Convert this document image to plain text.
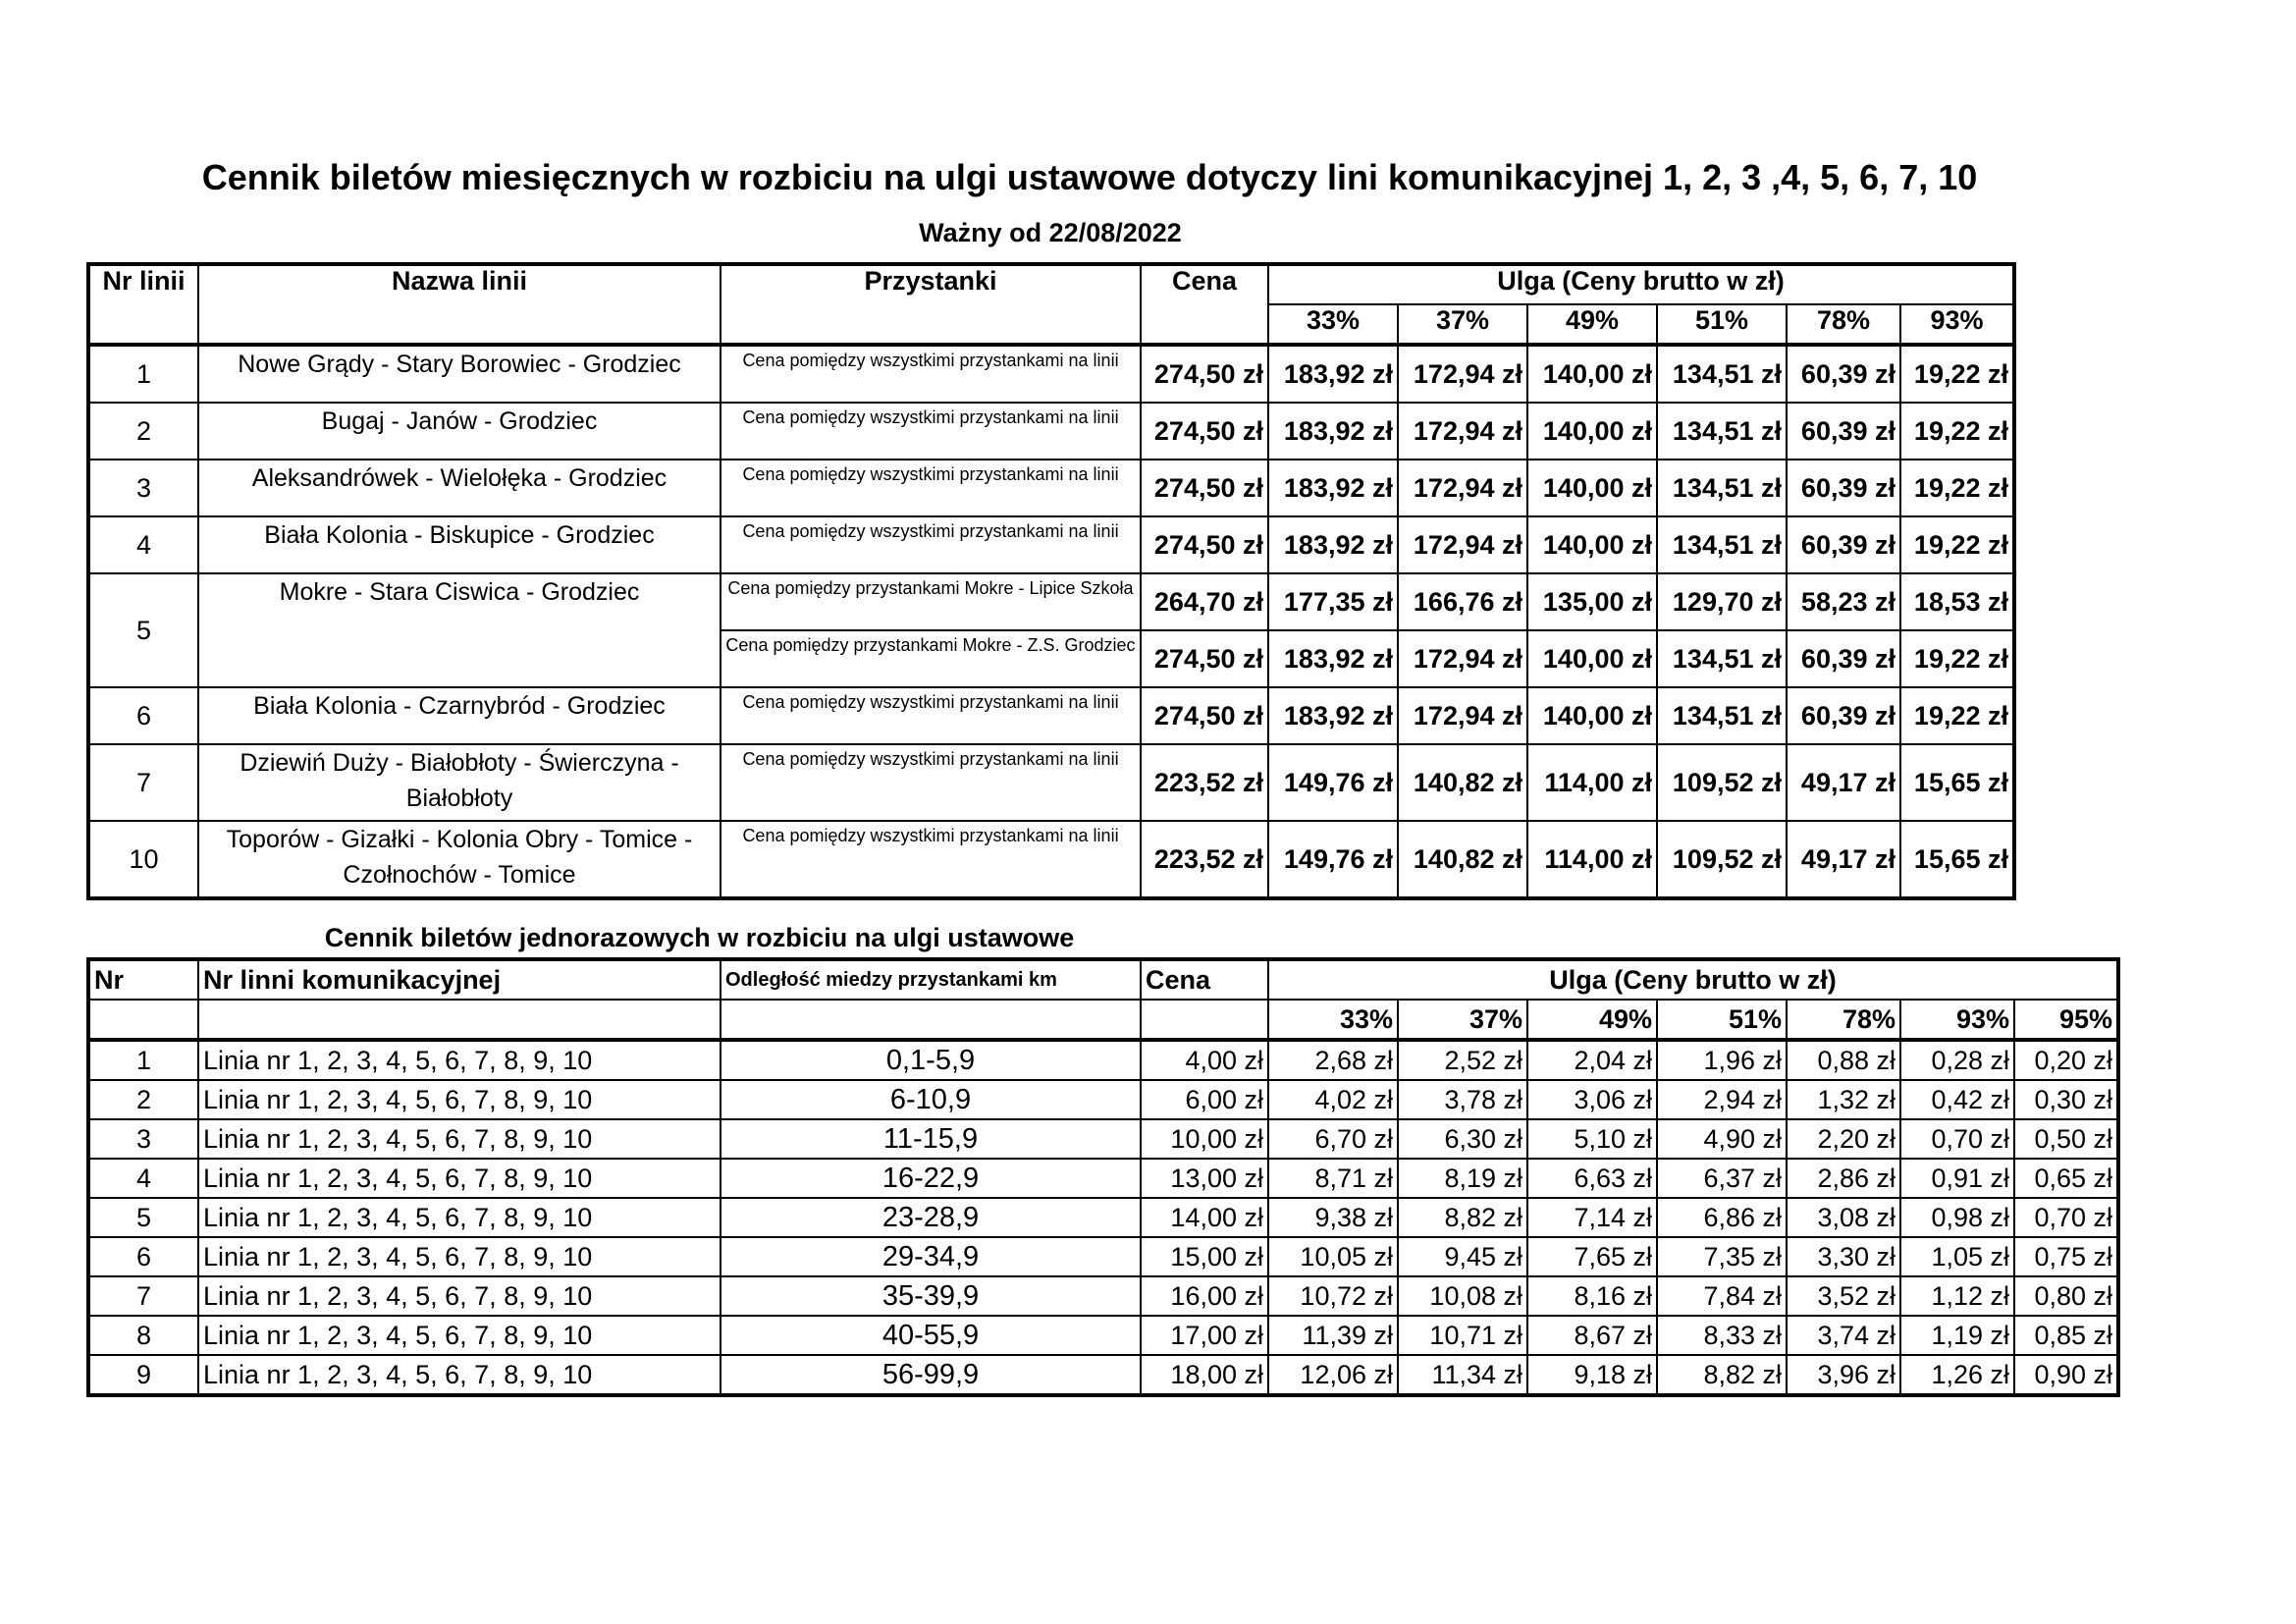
Cennik biletów miesięcznych w rozbiciu na ulgi ustawowe dotyczy lini komunikacyjnej 1, 2, 3 ,4, 5, 6, 7, 10
Ważny od 22/08/2022
Nr linii	Nazwa linii	Przystanki	Cena	Ulga (Ceny brutto w zł)					
				33%	37%	49%	51%	78%	93%
1	Nowe Grądy - Stary Borowiec - Grodziec	Cena pomiędzy wszystkimi przystankami na linii	274,50 zł	183,92 zł	172,94 zł	140,00 zł	134,51 zł	60,39 zł	19,22 zł
2	Bugaj - Janów - Grodziec	Cena pomiędzy wszystkimi przystankami na linii	274,50 zł	183,92 zł	172,94 zł	140,00 zł	134,51 zł	60,39 zł	19,22 zł
3	Aleksandrówek - Wielołęka - Grodziec	Cena pomiędzy wszystkimi przystankami na linii	274,50 zł	183,92 zł	172,94 zł	140,00 zł	134,51 zł	60,39 zł	19,22 zł
4	Biała Kolonia - Biskupice - Grodziec	Cena pomiędzy wszystkimi przystankami na linii	274,50 zł	183,92 zł	172,94 zł	140,00 zł	134,51 zł	60,39 zł	19,22 zł
5	Mokre - Stara Ciswica - Grodziec	Cena pomiędzy przystankami Mokre - Lipice Szkoła	264,70 zł	177,35 zł	166,76 zł	135,00 zł	129,70 zł	58,23 zł	18,53 zł
		Cena pomiędzy przystankami Mokre - Z.S. Grodziec	274,50 zł	183,92 zł	172,94 zł	140,00 zł	134,51 zł	60,39 zł	19,22 zł
6	Biała Kolonia - Czarnybród - Grodziec	Cena pomiędzy wszystkimi przystankami na linii	274,50 zł	183,92 zł	172,94 zł	140,00 zł	134,51 zł	60,39 zł	19,22 zł
7	Dziewiń Duży - Białobłoty - Świerczyna - Białobłoty	Cena pomiędzy wszystkimi przystankami na linii	223,52 zł	149,76 zł	140,82 zł	114,00 zł	109,52 zł	49,17 zł	15,65 zł
10	Toporów - Gizałki - Kolonia Obry - Tomice - Czołnochów - Tomice	Cena pomiędzy wszystkimi przystankami na linii	223,52 zł	149,76 zł	140,82 zł	114,00 zł	109,52 zł	49,17 zł	15,65 zł
Cennik biletów jednorazowych w rozbiciu na ulgi ustawowe
Nr	Nr linni komunikacyjnej	Odległość miedzy przystankami km	Cena	Ulga (Ceny brutto w zł)						
				33%	37%	49%	51%	78%	93%	95%
1	Linia nr 1, 2, 3, 4, 5, 6, 7, 8, 9, 10	0,1-5,9	4,00 zł	2,68 zł	2,52 zł	2,04 zł	1,96 zł	0,88 zł	0,28 zł	0,20 zł
2	Linia nr 1, 2, 3, 4, 5, 6, 7, 8, 9, 10	6-10,9	6,00 zł	4,02 zł	3,78 zł	3,06 zł	2,94 zł	1,32 zł	0,42 zł	0,30 zł
3	Linia nr 1, 2, 3, 4, 5, 6, 7, 8, 9, 10	11-15,9	10,00 zł	6,70 zł	6,30 zł	5,10 zł	4,90 zł	2,20 zł	0,70 zł	0,50 zł
4	Linia nr 1, 2, 3, 4, 5, 6, 7, 8, 9, 10	16-22,9	13,00 zł	8,71 zł	8,19 zł	6,63 zł	6,37 zł	2,86 zł	0,91 zł	0,65 zł
5	Linia nr 1, 2, 3, 4, 5, 6, 7, 8, 9, 10	23-28,9	14,00 zł	9,38 zł	8,82 zł	7,14 zł	6,86 zł	3,08 zł	0,98 zł	0,70 zł
6	Linia nr 1, 2, 3, 4, 5, 6, 7, 8, 9, 10	29-34,9	15,00 zł	10,05 zł	9,45 zł	7,65 zł	7,35 zł	3,30 zł	1,05 zł	0,75 zł
7	Linia nr 1, 2, 3, 4, 5, 6, 7, 8, 9, 10	35-39,9	16,00 zł	10,72 zł	10,08 zł	8,16 zł	7,84 zł	3,52 zł	1,12 zł	0,80 zł
8	Linia nr 1, 2, 3, 4, 5, 6, 7, 8, 9, 10	40-55,9	17,00 zł	11,39 zł	10,71 zł	8,67 zł	8,33 zł	3,74 zł	1,19 zł	0,85 zł
9	Linia nr 1, 2, 3, 4, 5, 6, 7, 8, 9, 10	56-99,9	18,00 zł	12,06 zł	11,34 zł	9,18 zł	8,82 zł	3,96 zł	1,26 zł	0,90 zł
